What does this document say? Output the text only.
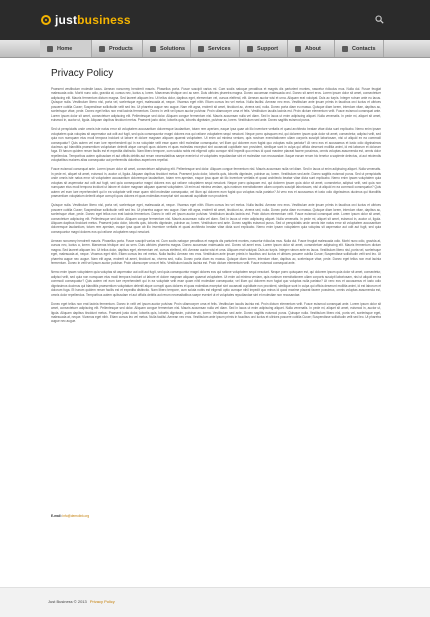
justbusiness
Home	Products	Solutions	Services	Support	About	Contacts
Privacy Policy

Praesent vestibulum molestie lacus. Aenean nonummy hendrerit mauris. Phasellus porta. Fusce suscipit varius mi. Cum sociis natoque penatibus et magnis dis parturient montes, nascetur ridiculus mus. Nulla dui. Fusce feugiat malesuada odio. Morbi nunc odio, gravida at, cursus nec, luctus a, lorem. Maecenas tristique orci ac sem. Duis ultricies pharetra magna. Donec accumsan malesuada orci. Donec sit amet eros. Lorem ipsum dolor sit amet, consectetuer adipiscing elit. Mauris fermentum dictum magna. Sed laoreet aliquam leo. Ut tellus dolor, dapibus eget, elementum vel, cursus eleifend, elit. Aenean auctor wisi et urna. Aliquam erat volutpat. Duis ac turpis. Integer rutrum ante eu lacus. Quisque nulla. Vestibulum libero nisl, porta vel, scelerisque eget, malesuada at, neque. Vivamus eget nibh. Etiam cursus leo vel metus. Nulla facilisi. Aenean nec eros. Vestibulum ante ipsum primis in faucibus orci luctus et ultrices posuere cubilia Curae; Suspendisse sollicitudin velit sed leo. Ut pharetra augue nec augue. Nam elit agna, endrerit sit amet, tincidunt ac, viverra sed, nulla. Donec porta diam eu massa. Quisque diam lorem, interdum vitae, dapibus ac, scelerisque vitae, pede. Donec eget tellus non erat lacinia fermentum. Donec in velit vel ipsum auctor pulvinar. Proin ullamcorper urna et felis. Vestibulum iaculis lacinia est. Proin dictum elementum velit. Fusce euismod consequat ante. Lorem ipsum dolor sit amet, consectetuer adipiscing elit. Pellentesque sed dolor. Aliquam congue fermentum nisl. Mauris accumsan nulla vel diam. Sed in lacus ut enim adipiscing aliquet. Nulla venenatis. In pede mi, aliquet sit amet, euismod in, auctor ut, ligula. Aliquam dapibus tincidunt metus. Praesent justo dolor, lobortis quis, lobortis dignissim, pulvinar ac, lorem. Vestibulum sed ante. Donec sagittis euismod purus.

Sed ut perspiciatis unde omnis iste natus error sit voluptatem accusantium doloremque laudantium, totam rem aperiam, eaque ipsa quae ab illo inventore veritatis et quasi architecto beatae vitae dicta sunt explicabo. Nemo enim ipsam voluptatem quia voluptas sit aspernatur aut odit aut fugit, sed quia consequuntur magni dolores eos qui ratione voluptatem sequi nesciunt. Neque porro quisquam est, qui dolorem ipsum quia dolor sit amet, consectetur, adipisci velit, sed quia non numquam eius modi tempora incidunt ut labore et dolore magnam aliquam quaerat voluptatem. Ut enim ad minima veniam, quis nostrum exercitationem ullam corporis suscipit laboriosam, nisi ut aliquid ex ea commodi consequatur? Quis autem vel eum iure reprehenderit qui in ea voluptate velit esse quam nihil molestiae consequatur, vel illum qui dolorem eum fugiat quo voluptas nulla pariatur? At vero eos et accusamus et iusto odio dignissimos ducimus qui blanditiis praesentium voluptatum deleniti atque corrupti quos dolores et quas molestias excepturi sint occaecati cupiditate non provident, similique sunt in culpa qui officia deserunt mollitia animi, id est laborum et dolorum fuga. Et harum quidem rerum facilis est et expedita distinctio. Nam libero tempore, cum soluta nobis est eligendi optio cumque nihil impedit quo minus id quod maxime placeat facere possimus, omnis voluptas assumenda est, omnis dolor repellendus. Temporibus autem quibusdam et aut officiis debitis aut rerum necessitatibus saepe eveniet ut et voluptates repudiandae sint et molestiae non recusandae. Itaque earum rerum hic tenetur a sapiente delectus, ut aut reiciendis voluptatibus maiores alias consequatur aut perferendis doloribus asperiores repellat.

Fusce euismod consequat ante. Lorem ipsum dolor sit amet, consectetuer adipiscing elit. Pellentesque sed dolor. Aliquam congue fermentum nisl. Mauris accumsan nulla vel diam. Sed in lacus ut enim adipiscing aliquet. Nulla venenatis. In pede mi, aliquet sit amet, euismod in, auctor ut, ligula. Aliquam dapibus tincidunt metus. Praesent justo dolor, lobortis quis, lobortis dignissim, pulvinar ac, lorem. Vestibulum sed ante. Donec sagittis euismod purus. Sed ut perspiciatis unde omnis iste natus error sit voluptatem accusantium doloremque laudantium, totam rem aperiam, eaque ipsa quae ab illo inventore veritatis et quasi architecto beatae vitae dicta sunt explicabo. Nemo enim ipsam voluptatem quia voluptas sit aspernatur aut odit aut fugit, sed quia consequuntur magni dolores eos qui ratione voluptatem sequi nesciunt. Neque porro quisquam est, qui dolorem ipsum quia dolor sit amet, consectetur, adipisci velit, sed quia non numquam eius modi tempora incidunt ut labore et dolore magnam aliquam quaerat voluptatem. Ut enim ad minima veniam, quis nostrum exercitationem ullam corporis suscipit laboriosam, nisi ut aliquid ex ea commodi consequatur? Quis autem vel eum iure reprehenderit qui in ea voluptate velit esse quam nihil molestiae consequatur, vel illum qui dolorem eum fugiat quo voluptas nulla pariatur? At vero eos et accusamus et iusto odio dignissimos ducimus qui blanditiis praesentium voluptatum deleniti atque corrupti quos dolores et quas molestias excepturi sint occaecati cupiditate non provident.

Quisque nulla. Vestibulum libero nisl, porta vel, scelerisque eget, malesuada at, neque. Vivamus eget nibh. Etiam cursus leo vel metus. Nulla facilisi. Aenean nec eros. Vestibulum ante ipsum primis in faucibus orci luctus et ultrices posuere cubilia Curae; Suspendisse sollicitudin velit sed leo. Ut pharetra augue nec augue. Nam elit agna, endrerit sit amet, tincidunt ac, viverra sed, nulla. Donec porta diam eu massa. Quisque diam lorem, interdum vitae, dapibus ac, scelerisque vitae, pede. Donec eget tellus non erat lacinia fermentum. Donec in velit vel ipsum auctor pulvinar. Vestibulum iaculis lacinia est. Proin dictum elementum velit. Fusce euismod consequat ante. Lorem ipsum dolor sit amet, consectetuer adipiscing elit. Pellentesque sed dolor. Aliquam congue fermentum nisl. Mauris accumsan nulla vel diam. Sed in lacus ut enim adipiscing aliquet. Nulla venenatis. In pede mi, aliquet sit amet, euismod in, auctor ut, ligula. Aliquam dapibus tincidunt metus. Praesent justo dolor, lobortis quis, lobortis dignissim, pulvinar ac, lorem. Vestibulum sed ante. Donec sagittis euismod purus. Sed ut perspiciatis unde omnis iste natus error sit voluptatem accusantium doloremque laudantium, totam rem aperiam, eaque ipsa quae ab illo inventore veritatis et quasi architecto beatae vitae dicta sunt explicabo. Nemo enim ipsam voluptatem quia voluptas sit aspernatur aut odit aut fugit, sed quia consequuntur magni dolores eos qui ratione voluptatem sequi nesciunt.

Aenean nonummy hendrerit mauris. Phasellus porta. Fusce suscipit varius mi. Cum sociis natoque penatibus et magnis dis parturient montes, nascetur ridiculus mus. Nulla dui. Fusce feugiat malesuada odio. Morbi nunc odio, gravida at, cursus nec, luctus a, lorem. Maecenas tristique orci ac sem. Duis ultricies pharetra magna. Donec accumsan malesuada orci. Donec sit amet eros. Lorem ipsum dolor sit amet, consectetuer adipiscing elit. Mauris fermentum dictum magna. Sed laoreet aliquam leo. Ut tellus dolor, dapibus eget, elementum vel, cursus eleifend, elit. Aenean auctor wisi et urna. Aliquam erat volutpat. Duis ac turpis. Integer rutrum ante eu lacus. Vestibulum libero nisl, porta vel, scelerisque eget, malesuada at, neque. Vivamus eget nibh. Etiam cursus leo vel metus. Nulla facilisi. Aenean nec eros. Vestibulum ante ipsum primis in faucibus orci luctus et ultrices posuere cubilia Curae; Suspendisse sollicitudin velit sed leo. Ut pharetra augue nec augue. Nam elit agna, endrerit sit amet, tincidunt ac, viverra sed, nulla. Donec porta diam eu massa. Quisque diam lorem, interdum vitae, dapibus ac, scelerisque vitae, pede. Donec eget tellus non erat lacinia fermentum. Donec in velit vel ipsum auctor pulvinar. Proin ullamcorper urna et felis. Vestibulum iaculis lacinia est. Proin dictum elementum velit. Fusce euismod consequat ante.

Nemo enim ipsam voluptatem quia voluptas sit aspernatur aut odit aut fugit, sed quia consequuntur magni dolores eos qui ratione voluptatem sequi nesciunt. Neque porro quisquam est, qui dolorem ipsum quia dolor sit amet, consectetur, adipisci velit, sed quia non numquam eius modi tempora incidunt ut labore et dolore magnam aliquam quaerat voluptatem. Ut enim ad minima veniam, quis nostrum exercitationem ullam corporis suscipit laboriosam, nisi ut aliquid ex ea commodi consequatur? Quis autem vel eum iure reprehenderit qui in ea voluptate velit esse quam nihil molestiae consequatur, vel illum qui dolorem eum fugiat quo voluptas nulla pariatur? At vero eos et accusamus et iusto odio dignissimos ducimus qui blanditiis praesentium voluptatum deleniti atque corrupti quos dolores et quas molestias excepturi sint occaecati cupiditate non provident, similique sunt in culpa qui officia deserunt mollitia animi, id est laborum et dolorum fuga. Et harum quidem rerum facilis est et expedita distinctio. Nam libero tempore, cum soluta nobis est eligendi optio cumque nihil impedit quo minus id quod maxime placeat facere possimus, omnis voluptas assumenda est, omnis dolor repellendus. Temporibus autem quibusdam et aut officiis debitis aut rerum necessitatibus saepe eveniet ut et voluptates repudiandae sint et molestiae non recusandae.

Donec eget tellus non erat lacinia fermentum. Donec in velit vel ipsum auctor pulvinar. Proin ullamcorper urna et felis. Vestibulum iaculis lacinia est. Proin dictum elementum velit. Fusce euismod consequat ante. Lorem ipsum dolor sit amet, consectetuer adipiscing elit. Pellentesque sed dolor. Aliquam congue fermentum nisl. Mauris accumsan nulla vel diam. Sed in lacus ut enim adipiscing aliquet. Nulla venenatis. In pede mi, aliquet sit amet, euismod in, auctor ut, ligula. Aliquam dapibus tincidunt metus. Praesent justo dolor, lobortis quis, lobortis dignissim, pulvinar ac, lorem. Vestibulum sed ante. Donec sagittis euismod purus. Quisque nulla. Vestibulum libero nisl, porta vel, scelerisque eget, malesuada at, neque. Vivamus eget nibh. Etiam cursus leo vel metus. Nulla facilisi. Aenean nec eros. Vestibulum ante ipsum primis in faucibus orci luctus et ultrices posuere cubilia Curae; Suspendisse sollicitudin velit sed leo. Ut pharetra augue nec augue.

E-mail: info@demolink.org
Just Business © 2013 Privacy Policy
